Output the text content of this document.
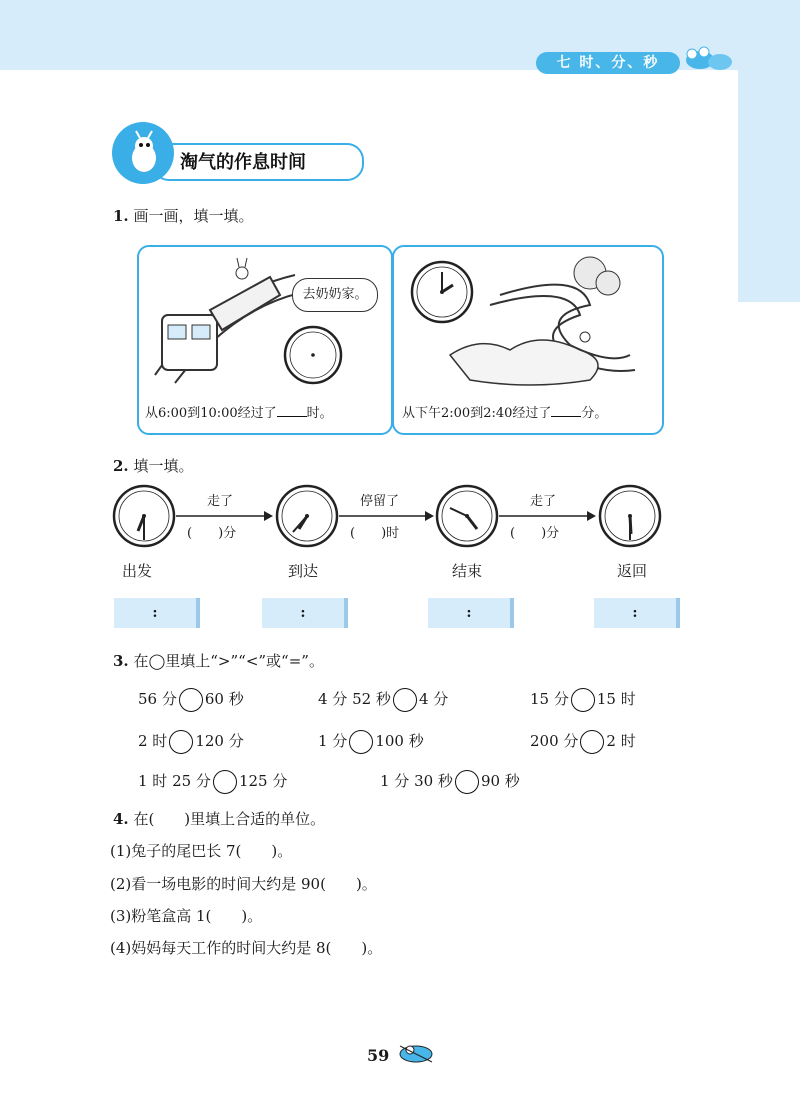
七 时、分、秒
淘气的作息时间
1. 画一画，填一填。
去奶奶家。
从6:00到10:00经过了 时。	从下午2:00到2:40经过了 分。
2. 填一填。
走了
(　　)分
停留了
(　　)时
走了
(　　)分
出发	到达	结束	返回
:	:	:	:
3. 在◯里填上“>”“<”或“=”。
56 分 60 秒	4 分 52 秒 4 分	15 分 15 时
2 时 120 分	1 分 100 秒	200 分 2 时
1 时 25 分 125 分	1 分 30 秒 90 秒
4. 在(　　)里填上合适的单位。
(1)兔子的尾巴长 7(　　)。
(2)看一场电影的时间大约是 90(　　)。
(3)粉笔盒高 1(　　)。
(4)妈妈每天工作的时间大约是 8(　　)。
59
